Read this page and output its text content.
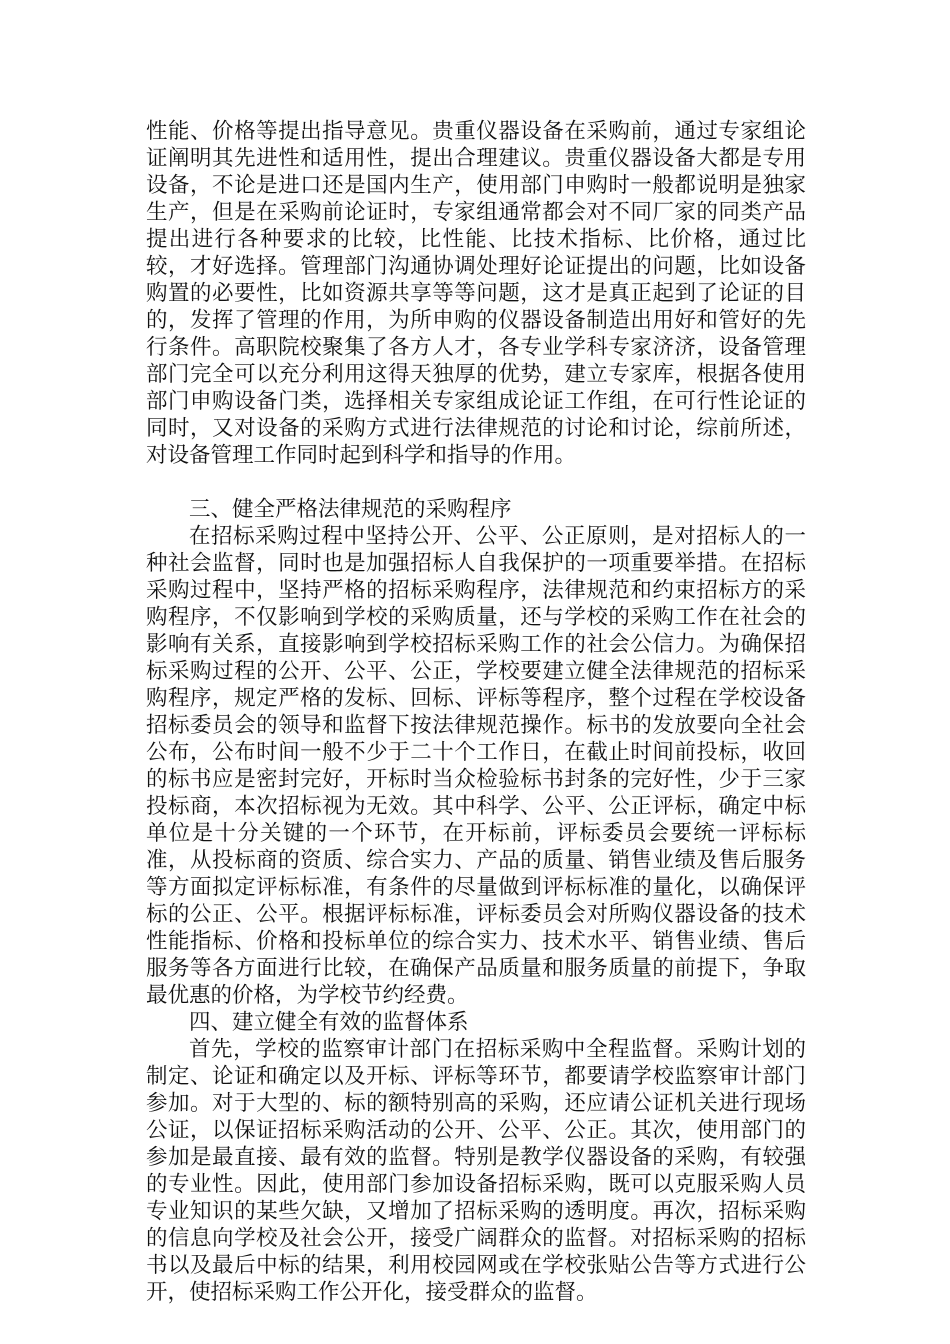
性能、价格等提出指导意见。贵重仪器设备在采购前，通过专家组论证阐明其先进性和适用性，提出合理建议。贵重仪器设备大都是专用设备，不论是进口还是国内生产，使用部门申购时一般都说明是独家生产，但是在采购前论证时，专家组通常都会对不同厂家的同类产品提出进行各种要求的比较，比性能、比技术指标、比价格，通过比较，才好选择。管理部门沟通协调处理好论证提出的问题，比如设备购置的必要性，比如资源共享等等问题，这才是真正起到了论证的目的，发挥了管理的作用，为所申购的仪器设备制造出用好和管好的先行条件。高职院校聚集了各方人才，各专业学科专家济济，设备管理部门完全可以充分利用这得天独厚的优势，建立专家库，根据各使用部门申购设备门类，选择相关专家组成论证工作组，在可行性论证的同时，又对设备的采购方式进行法律规范的讨论和讨论，综前所述，对设备管理工作同时起到科学和指导的作用。

三、健全严格法律规范的采购程序

在招标采购过程中坚持公开、公平、公正原则，是对招标人的一种社会监督，同时也是加强招标人自我保护的一项重要举措。在招标采购过程中，坚持严格的招标采购程序，法律规范和约束招标方的采购程序，不仅影响到学校的采购质量，还与学校的采购工作在社会的影响有关系，直接影响到学校招标采购工作的社会公信力。为确保招标采购过程的公开、公平、公正，学校要建立健全法律规范的招标采购程序，规定严格的发标、回标、评标等程序，整个过程在学校设备招标委员会的领导和监督下按法律规范操作。标书的发放要向全社会公布，公布时间一般不少于二十个工作日，在截止时间前投标，收回的标书应是密封完好，开标时当众检验标书封条的完好性，少于三家投标商，本次招标视为无效。其中科学、公平、公正评标，确定中标单位是十分关键的一个环节，在开标前，评标委员会要统一评标标准，从投标商的资质、综合实力、产品的质量、销售业绩及售后服务等方面拟定评标标准，有条件的尽量做到评标标准的量化，以确保评标的公正、公平。根据评标标准，评标委员会对所购仪器设备的技术性能指标、价格和投标单位的综合实力、技术水平、销售业绩、售后服务等各方面进行比较，在确保产品质量和服务质量的前提下，争取最优惠的价格，为学校节约经费。

四、建立健全有效的监督体系

首先，学校的监察审计部门在招标采购中全程监督。采购计划的制定、论证和确定以及开标、评标等环节，都要请学校监察审计部门参加。对于大型的、标的额特别高的采购，还应请公证机关进行现场公证，以保证招标采购活动的公开、公平、公正。其次，使用部门的参加是最直接、最有效的监督。特别是教学仪器设备的采购，有较强的专业性。因此，使用部门参加设备招标采购，既可以克服采购人员专业知识的某些欠缺，又增加了招标采购的透明度。再次，招标采购的信息向学校及社会公开，接受广阔群众的监督。对招标采购的招标书以及最后中标的结果，利用校园网或在学校张贴公告等方式进行公开，使招标采购工作公开化，接受群众的监督。
